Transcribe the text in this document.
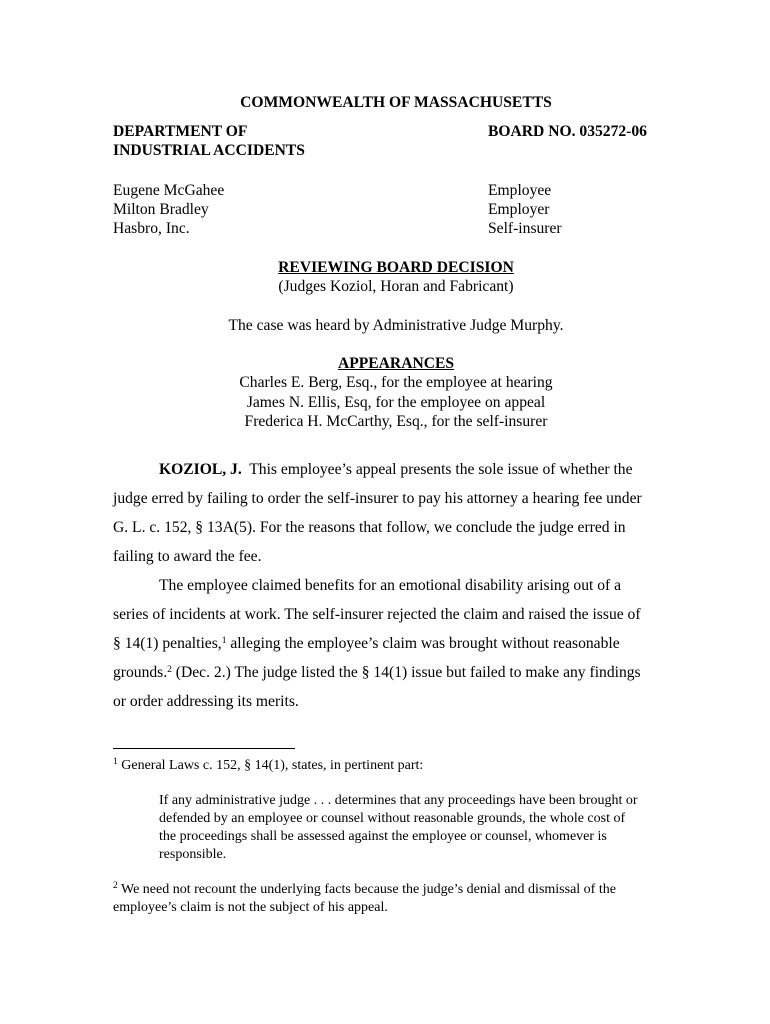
COMMONWEALTH OF MASSACHUSETTS
DEPARTMENT OF
INDUSTRIAL ACCIDENTS
BOARD NO. 035272-06
Eugene McGahee	Employee
Milton Bradley	Employer
Hasbro, Inc.	Self-insurer
REVIEWING BOARD DECISION
(Judges Koziol, Horan and Fabricant)
The case was heard by Administrative Judge Murphy.
APPEARANCES
Charles E. Berg, Esq., for the employee at hearing
James N. Ellis, Esq, for the employee on appeal
Frederica H. McCarthy, Esq., for the self-insurer
KOZIOL, J. This employee’s appeal presents the sole issue of whether the
judge erred by failing to order the self-insurer to pay his attorney a hearing fee under
G. L. c. 152, § 13A(5). For the reasons that follow, we conclude the judge erred in
failing to award the fee.
The employee claimed benefits for an emotional disability arising out of a
series of incidents at work. The self-insurer rejected the claim and raised the issue of
§ 14(1) penalties,$^1$ alleging the employee’s claim was brought without reasonable
grounds.$^2$ (Dec. 2.) The judge listed the § 14(1) issue but failed to make any findings
or order addressing its merits.
$^1$ General Laws c. 152, § 14(1), states, in pertinent part:
If any administrative judge . . . determines that any proceedings have been brought or
defended by an employee or counsel without reasonable grounds, the whole cost of
the proceedings shall be assessed against the employee or counsel, whomever is
responsible.
$^2$ We need not recount the underlying facts because the judge’s denial and dismissal of the
employee’s claim is not the subject of his appeal.
